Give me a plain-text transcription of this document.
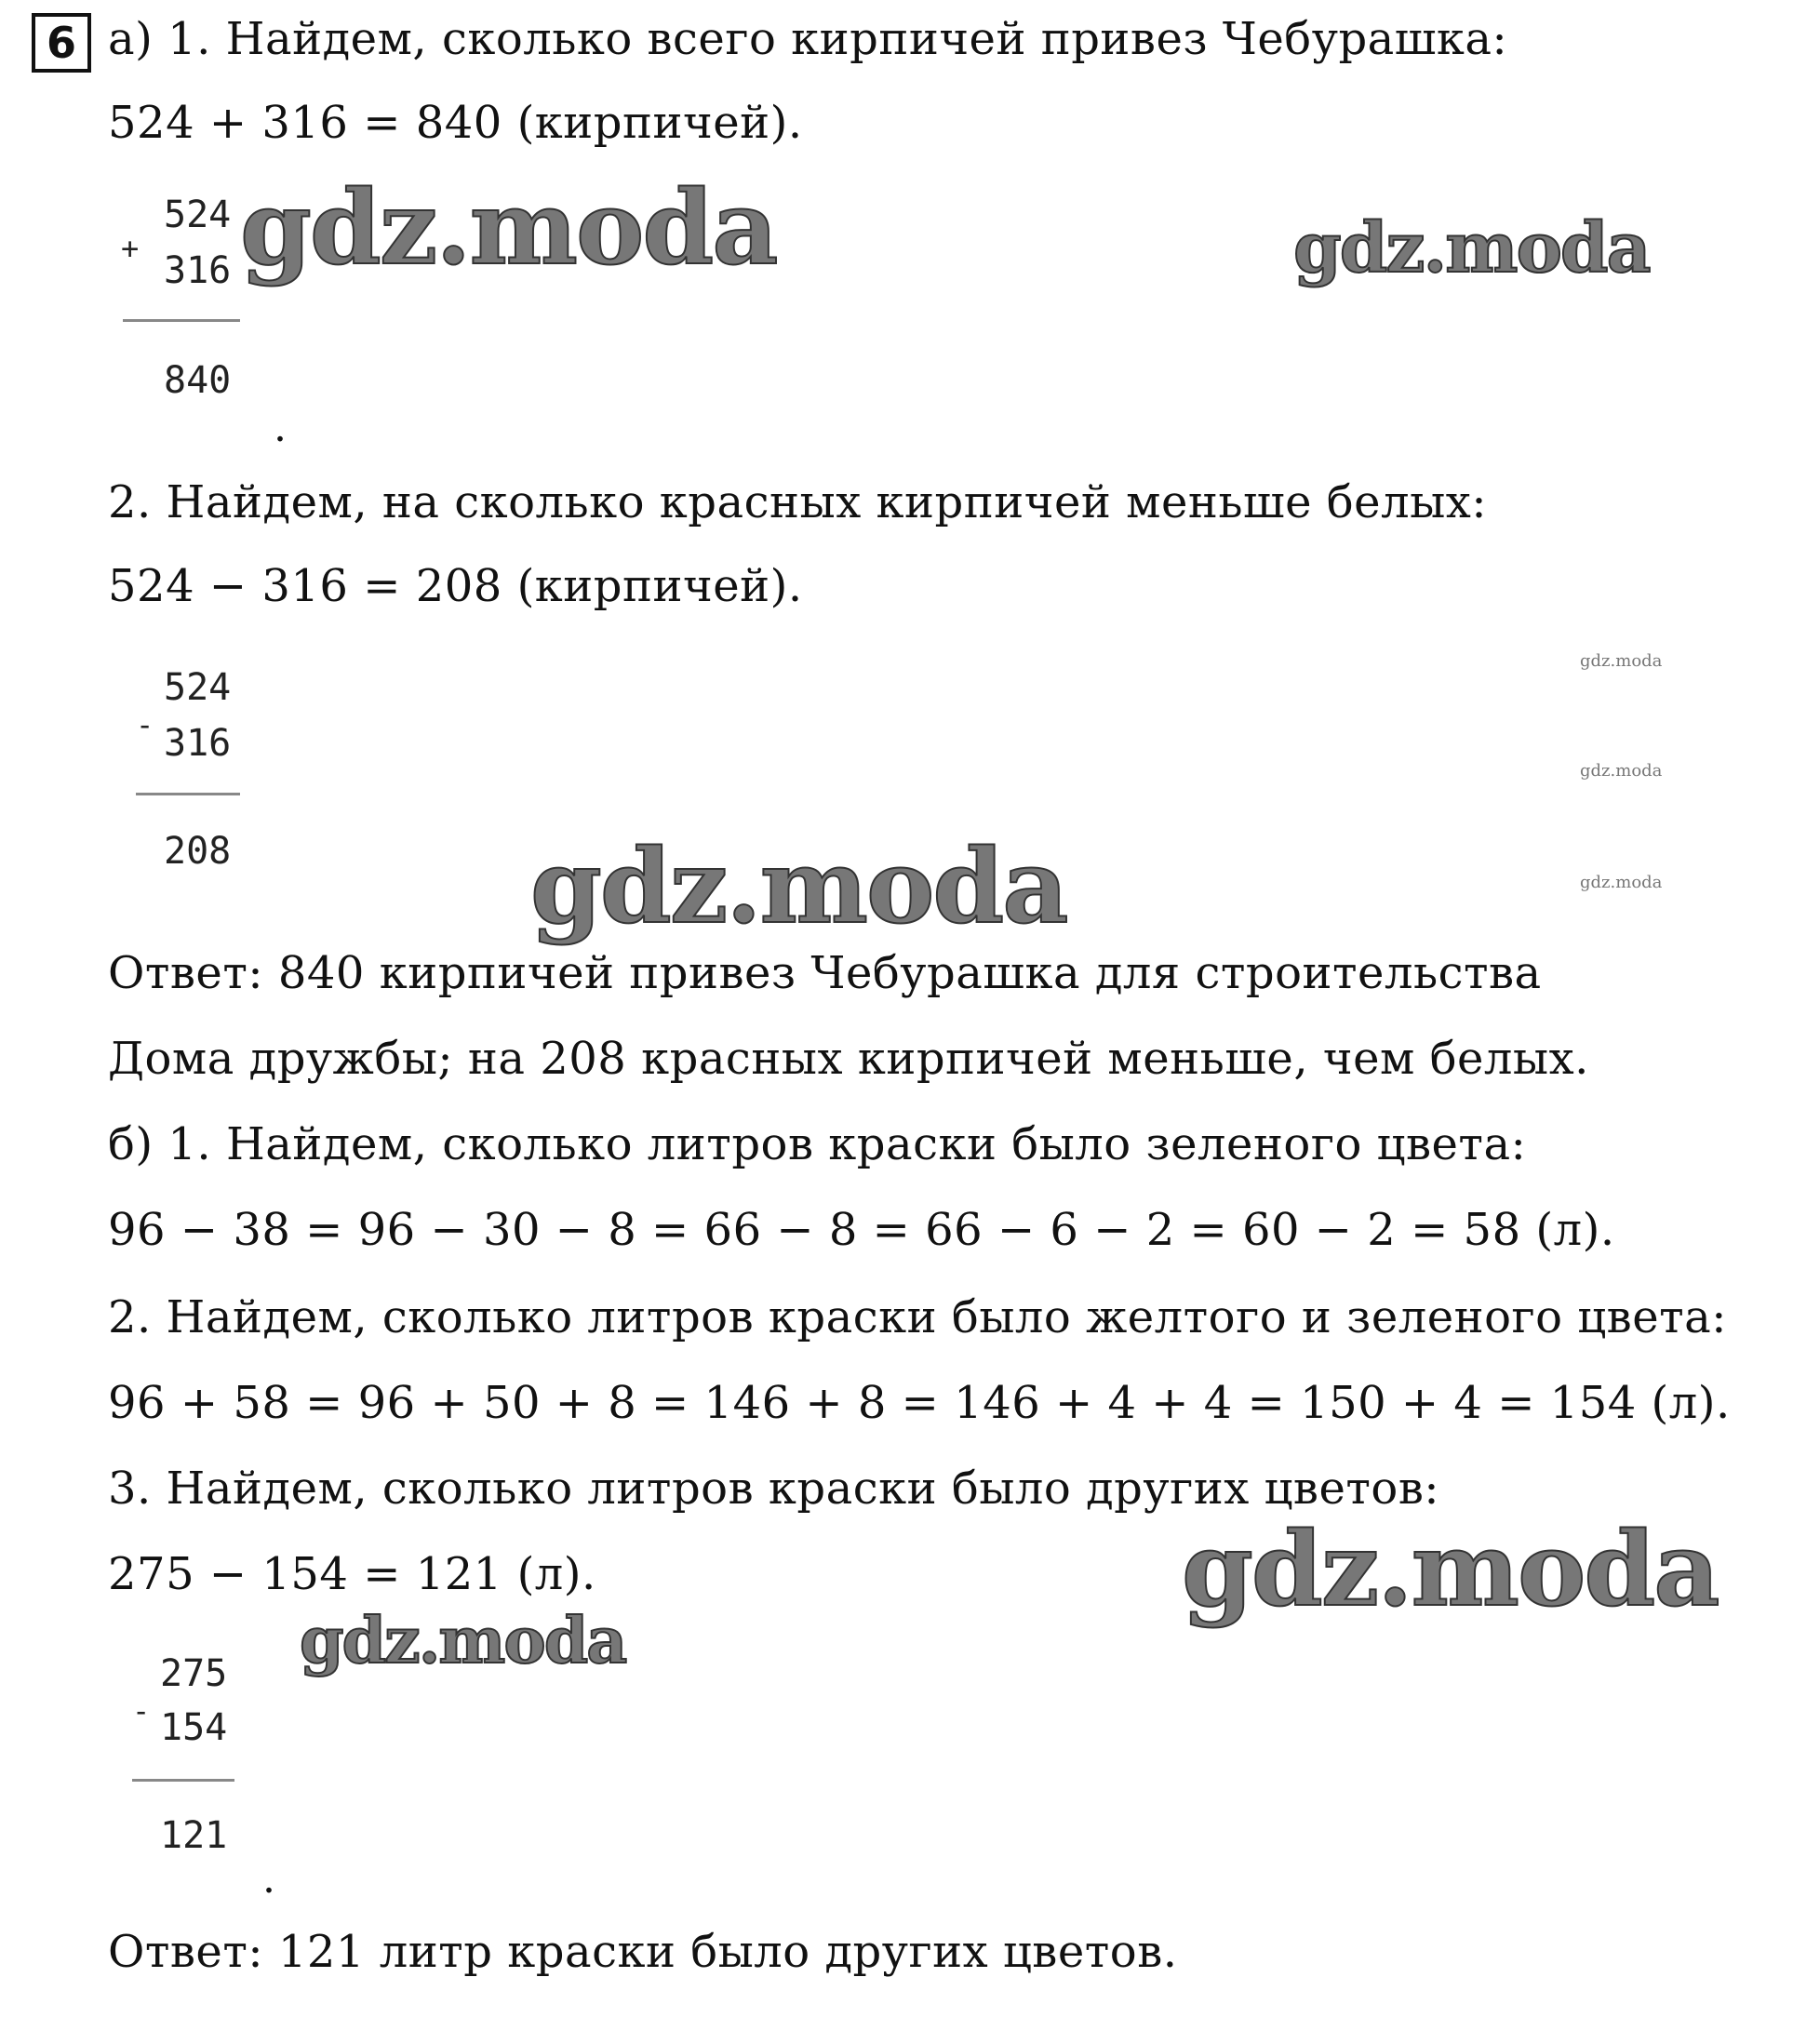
6 а) 1. Найдем, сколько всего кирпичей привез Чебурашка:
524 + 316 = 840 (кирпичей).
+
524
316
840
.
2. Найдем, на сколько красных кирпичей меньше белых:
524 − 316 = 208 (кирпичей).
-
524
316
208
Ответ: 840 кирпичей привез Чебурашка для строительства
Дома дружбы; на 208 красных кирпичей меньше, чем белых.
б) 1. Найдем, сколько литров краски было зеленого цвета:
96 − 38 = 96 − 30 − 8 = 66 − 8 = 66 − 6 − 2 = 60 − 2 = 58 (л).
2. Найдем, сколько литров краски было желтого и зеленого цвета:
96 + 58 = 96 + 50 + 8 = 146 + 8 = 146 + 4 + 4 = 150 + 4 = 154 (л).
3. Найдем, сколько литров краски было других цветов:
275 − 154 = 121 (л).
-
275
154
121
.
Ответ: 121 литр краски было других цветов.
gdz.moda	gdz.moda
gdz.moda
gdz.moda
gdz.moda
gdz.moda
gdz.moda
gdz.moda
